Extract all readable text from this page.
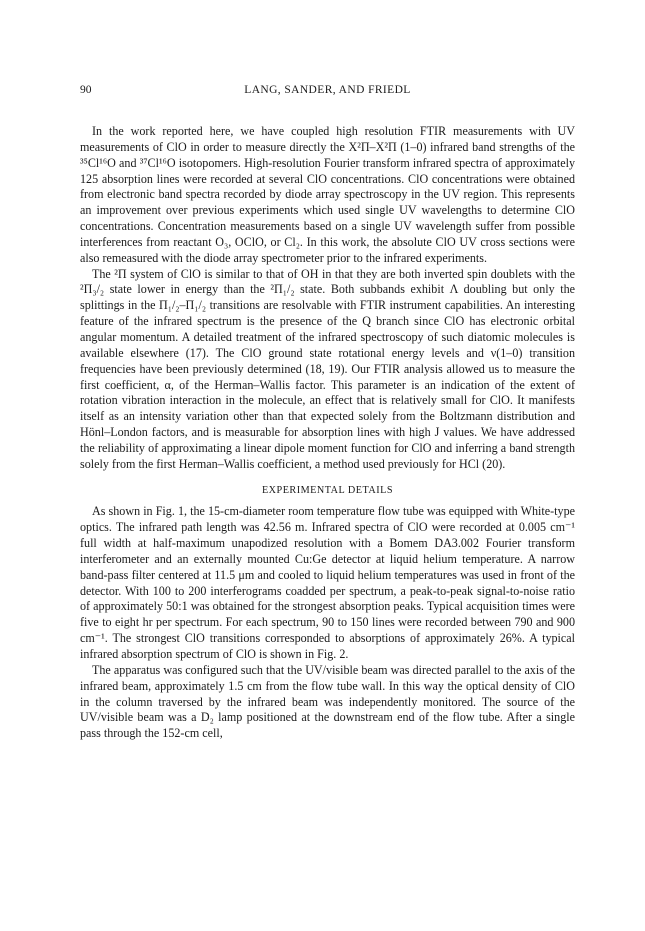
90	LANG, SANDER, AND FRIEDL

In the work reported here, we have coupled high resolution FTIR measurements with UV measurements of ClO in order to measure directly the X²Π–X²Π (1–0) infrared band strengths of the ³⁵Cl¹⁶O and ³⁷Cl¹⁶O isotopomers. High-resolution Fourier transform infrared spectra of approximately 125 absorption lines were recorded at several ClO concentrations. ClO concentrations were obtained from electronic band spectra recorded by diode array spectroscopy in the UV region. This represents an improvement over previous experiments which used single UV wavelengths to determine ClO concentrations. Concentration measurements based on a single UV wavelength suffer from possible interferences from reactant O₃, OClO, or Cl₂. In this work, the absolute ClO UV cross sections were also remeasured with the diode array spectrometer prior to the infrared experiments.

The ²Π system of ClO is similar to that of OH in that they are both inverted spin doublets with the ²Π₃/₂ state lower in energy than the ²Π₁/₂ state. Both subbands exhibit Λ doubling but only the splittings in the Π₁/₂–Π₁/₂ transitions are resolvable with FTIR instrument capabilities. An interesting feature of the infrared spectrum is the presence of the Q branch since ClO has electronic orbital angular momentum. A detailed treatment of the infrared spectroscopy of such diatomic molecules is available elsewhere (17). The ClO ground state rotational energy levels and ν(1–0) transition frequencies have been previously determined (18, 19). Our FTIR analysis allowed us to measure the first coefficient, α, of the Herman–Wallis factor. This parameter is an indication of the extent of rotation vibration interaction in the molecule, an effect that is relatively small for ClO. It manifests itself as an intensity variation other than that expected solely from the Boltzmann distribution and Hönl–London factors, and is measurable for absorption lines with high J values. We have addressed the reliability of approximating a linear dipole moment function for ClO and inferring a band strength solely from the first Herman–Wallis coefficient, a method used previously for HCl (20).

EXPERIMENTAL DETAILS

As shown in Fig. 1, the 15-cm-diameter room temperature flow tube was equipped with White-type optics. The infrared path length was 42.56 m. Infrared spectra of ClO were recorded at 0.005 cm⁻¹ full width at half-maximum unapodized resolution with a Bomem DA3.002 Fourier transform interferometer and an externally mounted Cu:Ge detector at liquid helium temperature. A narrow band-pass filter centered at 11.5 μm and cooled to liquid helium temperatures was used in front of the detector. With 100 to 200 interferograms coadded per spectrum, a peak-to-peak signal-to-noise ratio of approximately 50:1 was obtained for the strongest absorption peaks. Typical acquisition times were five to eight hr per spectrum. For each spectrum, 90 to 150 lines were recorded between 790 and 900 cm⁻¹. The strongest ClO transitions corresponded to absorptions of approximately 26%. A typical infrared absorption spectrum of ClO is shown in Fig. 2.

The apparatus was configured such that the UV/visible beam was directed parallel to the axis of the infrared beam, approximately 1.5 cm from the flow tube wall. In this way the optical density of ClO in the column traversed by the infrared beam was independently monitored. The source of the UV/visible beam was a D₂ lamp positioned at the downstream end of the flow tube. After a single pass through the 152-cm cell,
